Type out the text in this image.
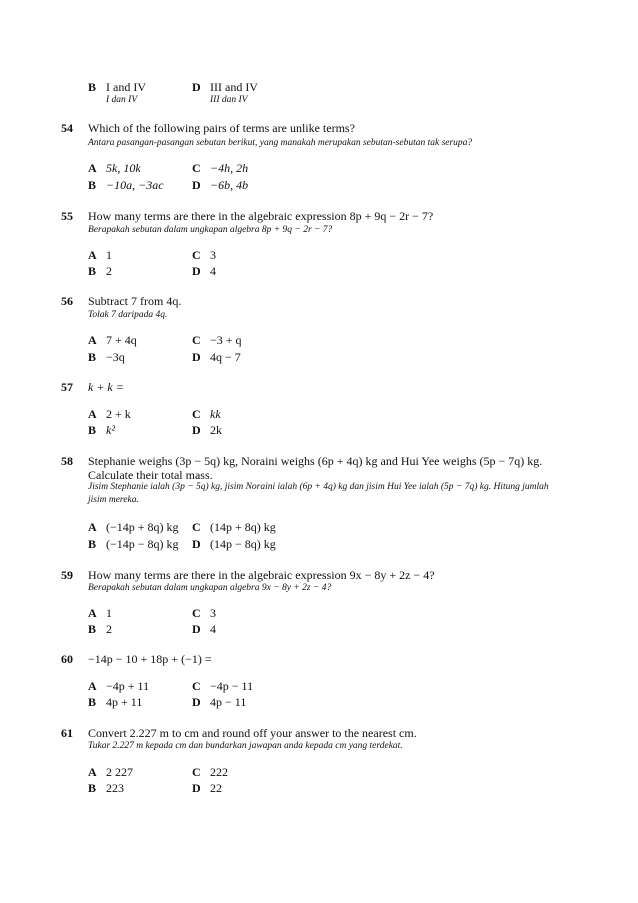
B I and IV
I dan IV
D III and IV
III dan IV
54 Which of the following pairs of terms are unlike terms?
Antara pasangan-pasangan sebutan berikut, yang manakah merupakan sebutan-sebutan tak serupa?
A 5k, 10k	C −4h, 2h
B −10a, −3ac D −6b, 4b
55 How many terms are there in the algebraic expression 8p + 9q − 2r − 7?
Berapakah sebutan dalam ungkapan algebra 8p + 9q − 2r − 7?
A 1	C 3
B 2	D 4
56 Subtract 7 from 4q.
Tolak 7 daripada 4q.
A 7 + 4q	C −3 + q
B −3q	D 4q − 7
57 k + k =
A 2 + k	C kk
B k²	D 2k
58 Stephanie weighs (3p − 5q) kg, Noraini weighs (6p + 4q) kg and Hui Yee weighs (5p − 7q) kg.
Calculate their total mass.
Jisim Stephanie ialah (3p − 5q) kg, jisim Noraini ialah (6p + 4q) kg dan jisim Hui Yee ialah (5p − 7q) kg. Hitung jumlah jisim mereka.
A (−14p + 8q) kg C (14p + 8q) kg
B (−14p − 8q) kg D (14p − 8q) kg
59 How many terms are there in the algebraic expression 9x − 8y + 2z − 4?
Berapakah sebutan dalam ungkapan algebra 9x − 8y + 2z − 4?
A 1	C 3
B 2	D 4
60 −14p − 10 + 18p + (−1) =
A −4p + 11	C −4p − 11
B 4p + 11	D 4p − 11
61 Convert 2.227 m to cm and round off your answer to the nearest cm.
Tukar 2.227 m kepada cm dan bundarkan jawapan anda kepada cm yang terdekat.
A 2 227	C 222
B 223	D 22
